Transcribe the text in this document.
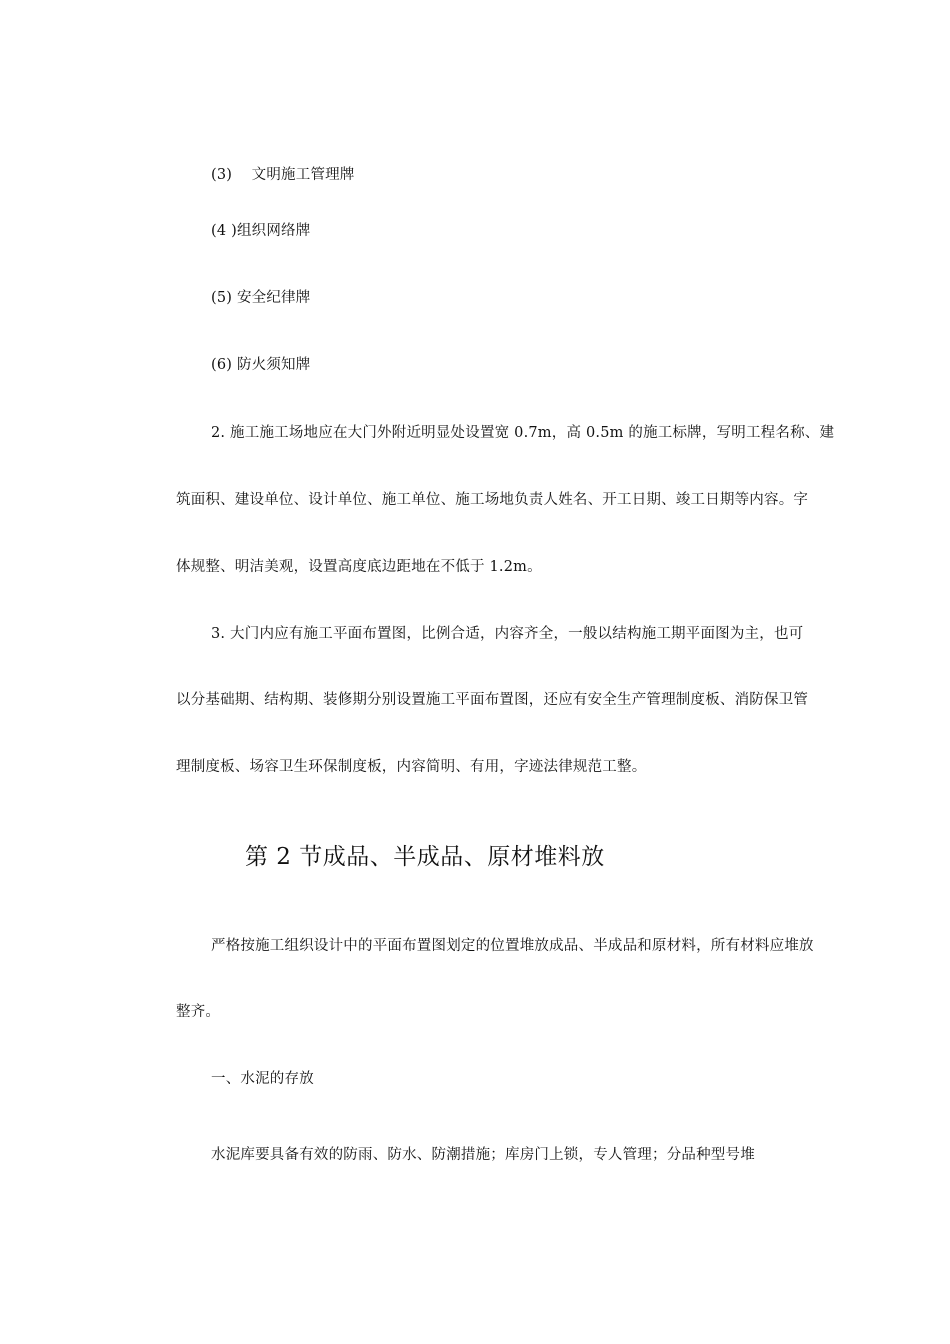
(3)　 文明施工管理牌
(4 )组织网络牌
(5) 安全纪律牌
(6) 防火须知牌
2. 施工施工场地应在大门外附近明显处设置宽 0.7m，高 0.5m 的施工标牌，写明工程名称、建
筑面积、建设单位、设计单位、施工单位、施工场地负责人姓名、开工日期、竣工日期等内容。字
体规整、明洁美观，设置高度底边距地在不低于 1.2m。
3. 大门内应有施工平面布置图，比例合适，内容齐全，一般以结构施工期平面图为主，也可
以分基础期、结构期、装修期分别设置施工平面布置图，还应有安全生产管理制度板、消防保卫管
理制度板、场容卫生环保制度板，内容简明、有用，字迹法律规范工整。
第 2 节成品、半成品、原材堆料放
严格按施工组织设计中的平面布置图划定的位置堆放成品、半成品和原材料，所有材料应堆放
整齐。
一、水泥的存放
水泥库要具备有效的防雨、防水、防潮措施；库房门上锁，专人管理；分品种型号堆
